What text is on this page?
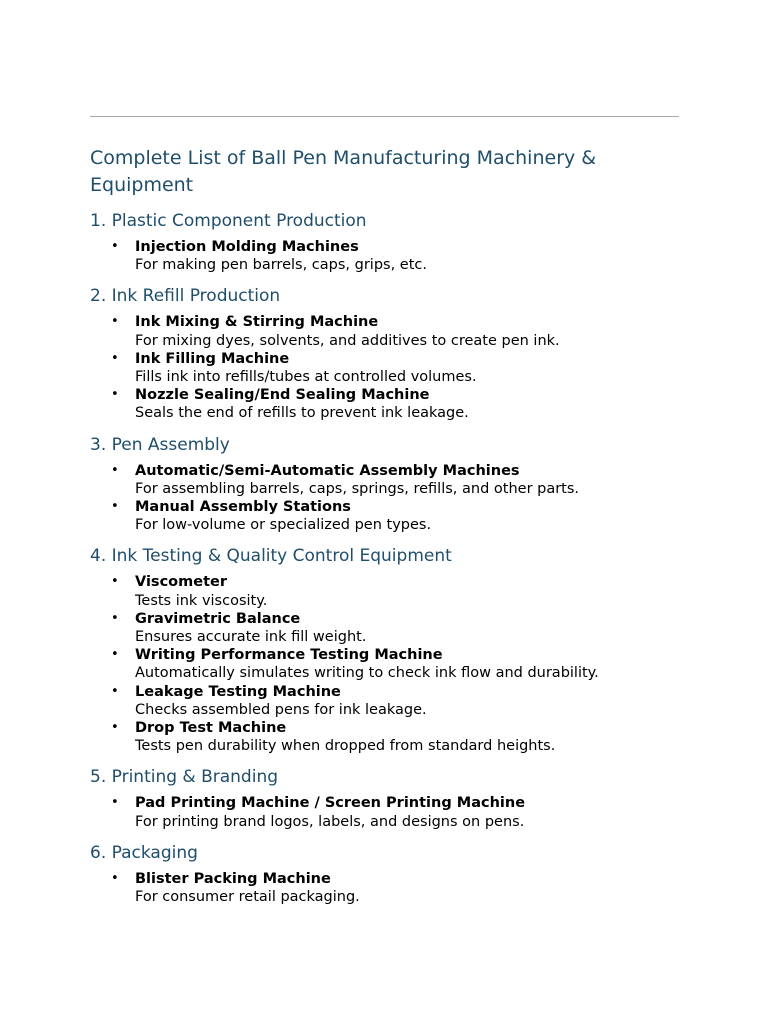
Complete List of Ball Pen Manufacturing Machinery & Equipment
1. Plastic Component Production
• Injection Molding Machines
For making pen barrels, caps, grips, etc.
2. Ink Refill Production
• Ink Mixing & Stirring Machine
For mixing dyes, solvents, and additives to create pen ink.
• Ink Filling Machine
Fills ink into refills/tubes at controlled volumes.
• Nozzle Sealing/End Sealing Machine
Seals the end of refills to prevent ink leakage.
3. Pen Assembly
• Automatic/Semi-Automatic Assembly Machines
For assembling barrels, caps, springs, refills, and other parts.
• Manual Assembly Stations
For low-volume or specialized pen types.
4. Ink Testing & Quality Control Equipment
• Viscometer
Tests ink viscosity.
• Gravimetric Balance
Ensures accurate ink fill weight.
• Writing Performance Testing Machine
Automatically simulates writing to check ink flow and durability.
• Leakage Testing Machine
Checks assembled pens for ink leakage.
• Drop Test Machine
Tests pen durability when dropped from standard heights.
5. Printing & Branding
• Pad Printing Machine / Screen Printing Machine
For printing brand logos, labels, and designs on pens.
6. Packaging
• Blister Packing Machine
For consumer retail packaging.
